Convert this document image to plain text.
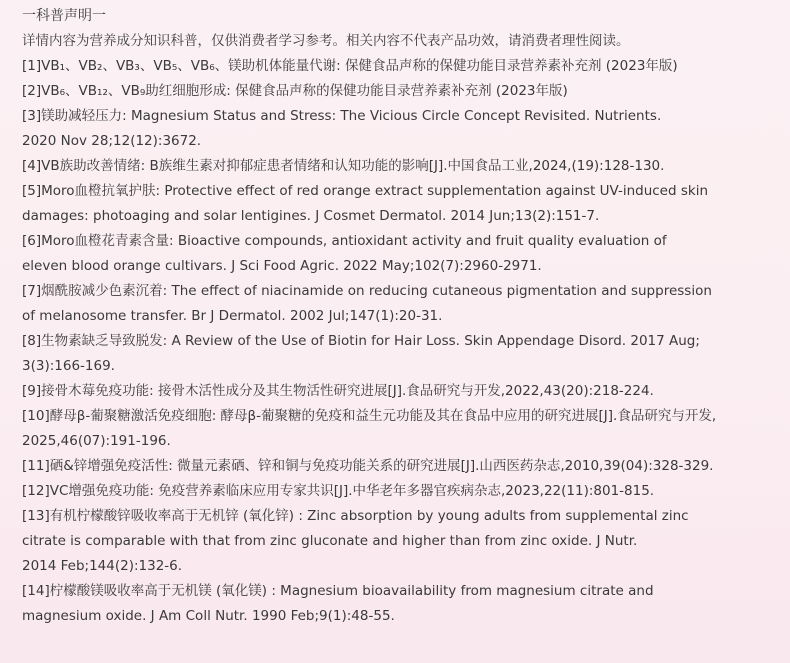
一科普声明一

详情内容为营养成分知识科普，仅供消费者学习参考。相关内容不代表产品功效，请消费者理性阅读。

[1]VB₁、VB₂、VB₃、VB₅、VB₆、镁助机体能量代谢: 保健食品声称的保健功能目录营养素补充剂 (2023年版)
[2]VB₆、VB₁₂、VB₉助红细胞形成: 保健食品声称的保健功能目录营养素补充剂 (2023年版)
[3]镁助减轻压力: Magnesium Status and Stress: The Vicious Circle Concept Revisited. Nutrients.
2020 Nov 28;12(12):3672.
[4]VB族助改善情绪: B族维生素对抑郁症患者情绪和认知功能的影响[J].中国食品工业,2024,(19):128-130.
[5]Moro血橙抗氧护肤: Protective effect of red orange extract supplementation against UV-induced skin
damages: photoaging and solar lentigines. J Cosmet Dermatol. 2014 Jun;13(2):151-7.
[6]Moro血橙花青素含量: Bioactive compounds, antioxidant activity and fruit quality evaluation of
eleven blood orange cultivars. J Sci Food Agric. 2022 May;102(7):2960-2971.
[7]烟酰胺减少色素沉着: The effect of niacinamide on reducing cutaneous pigmentation and suppression
of melanosome transfer. Br J Dermatol. 2002 Jul;147(1):20-31.
[8]生物素缺乏导致脱发: A Review of the Use of Biotin for Hair Loss. Skin Appendage Disord. 2017 Aug;
3(3):166-169.
[9]接骨木莓免疫功能: 接骨木活性成分及其生物活性研究进展[J].食品研究与开发,2022,43(20):218-224.
[10]酵母β-葡聚糖激活免疫细胞: 酵母β-葡聚糖的免疫和益生元功能及其在食品中应用的研究进展[J].食品研究与开发,
2025,46(07):191-196.
[11]硒&锌增强免疫活性: 微量元素硒、锌和铜与免疫功能关系的研究进展[J].山西医药杂志,2010,39(04):328-329.
[12]VC增强免疫功能: 免疫营养素临床应用专家共识[J].中华老年多器官疾病杂志,2023,22(11):801-815.
[13]有机柠檬酸锌吸收率高于无机锌 (氧化锌) : Zinc absorption by young adults from supplemental zinc
citrate is comparable with that from zinc gluconate and higher than from zinc oxide. J Nutr.
2014 Feb;144(2):132-6.
[14]柠檬酸镁吸收率高于无机镁 (氧化镁) : Magnesium bioavailability from magnesium citrate and
magnesium oxide. J Am Coll Nutr. 1990 Feb;9(1):48-55.
